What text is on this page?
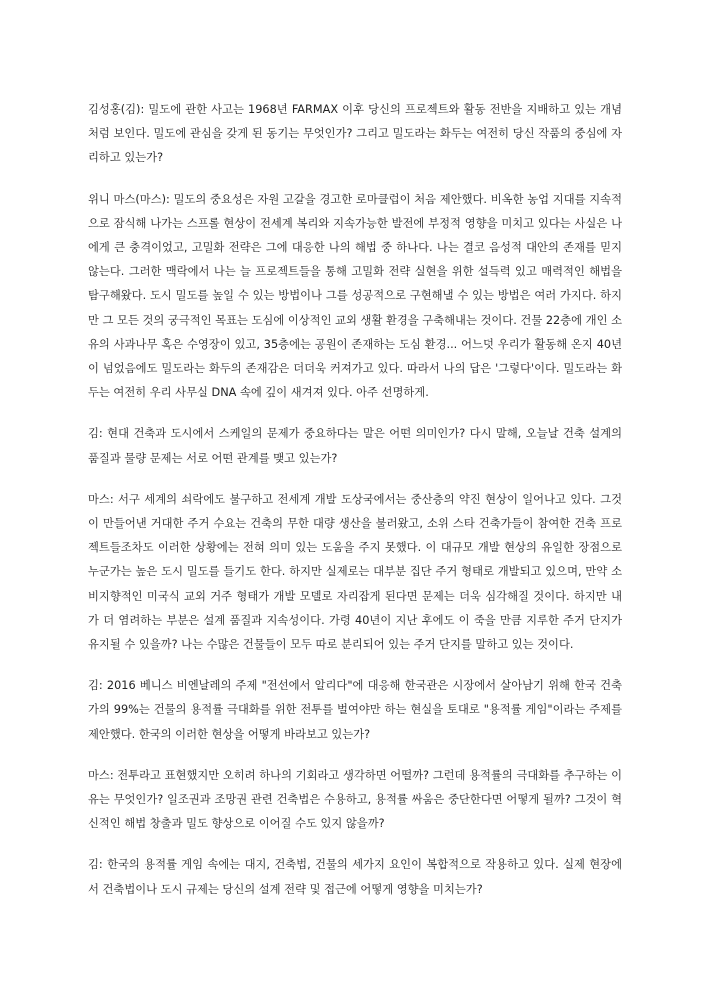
김성홍(김): 밀도에 관한 사고는 1968년 FARMAX 이후 당신의 프로젝트와 활동 전반을 지배하고 있는 개념처럼 보인다. 밀도에 관심을 갖게 된 동기는 무엇인가? 그리고 밀도라는 화두는 여전히 당신 작품의 중심에 자리하고 있는가?

위니 마스(마스): 밀도의 중요성은 자원 고갈을 경고한 로마클럽이 처음 제안했다. 비옥한 농업 지대를 지속적으로 잠식해 나가는 스프롤 현상이 전세계 복리와 지속가능한 발전에 부정적 영향을 미치고 있다는 사실은 나에게 큰 충격이었고, 고밀화 전략은 그에 대응한 나의 해법 중 하나다. 나는 결코 음성적 대안의 존재를 믿지 않는다. 그러한 맥락에서 나는 늘 프로젝트들을 통해 고밀화 전략 실현을 위한 설득력 있고 매력적인 해법을 탐구해왔다. 도시 밀도를 높일 수 있는 방법이나 그를 성공적으로 구현해낼 수 있는 방법은 여러 가지다. 하지만 그 모든 것의 궁극적인 목표는 도심에 이상적인 교외 생활 환경을 구축해내는 것이다. 건물 22층에 개인 소유의 사과나무 혹은 수영장이 있고, 35층에는 공원이 존재하는 도심 환경... 어느덧 우리가 활동해 온지 40년이 넘었음에도 밀도라는 화두의 존재감은 더더욱 커져가고 있다. 따라서 나의 답은 '그렇다'이다. 밀도라는 화두는 여전히 우리 사무실 DNA 속에 깊이 새겨져 있다. 아주 선명하게.

김: 현대 건축과 도시에서 스케일의 문제가 중요하다는 말은 어떤 의미인가? 다시 말해, 오늘날 건축 설계의 품질과 물량 문제는 서로 어떤 관계를 맺고 있는가?

마스: 서구 세계의 쇠락에도 불구하고 전세계 개발 도상국에서는 중산층의 약진 현상이 일어나고 있다. 그것이 만들어낸 거대한 주거 수요는 건축의 무한 대량 생산을 불러왔고, 소위 스타 건축가들이 참여한 건축 프로젝트들조차도 이러한 상황에는 전혀 의미 있는 도움을 주지 못했다. 이 대규모 개발 현상의 유일한 장점으로 누군가는 높은 도시 밀도를 들기도 한다. 하지만 실제로는 대부분 집단 주거 형태로 개발되고 있으며, 만약 소비지향적인 미국식 교외 거주 형태가 개발 모델로 자리잡게 된다면 문제는 더욱 심각해질 것이다. 하지만 내가 더 염려하는 부분은 설계 품질과 지속성이다. 가령 40년이 지난 후에도 이 죽을 만큼 지루한 주거 단지가 유지될 수 있을까? 나는 수많은 건물들이 모두 따로 분리되어 있는 주거 단지를 말하고 있는 것이다.

김: 2016 베니스 비엔날레의 주제 "전선에서 알리다"에 대응해 한국관은 시장에서 살아남기 위해 한국 건축가의 99%는 건물의 용적률 극대화를 위한 전투를 벌여야만 하는 현실을 토대로 "용적률 게임"이라는 주제를 제안했다. 한국의 이러한 현상을 어떻게 바라보고 있는가?

마스: 전투라고 표현했지만 오히려 하나의 기회라고 생각하면 어떨까? 그런데 용적률의 극대화를 추구하는 이유는 무엇인가? 일조권과 조망권 관련 건축법은 수용하고, 용적률 싸움은 중단한다면 어떻게 될까? 그것이 혁신적인 해법 창출과 밀도 향상으로 이어질 수도 있지 않을까?

김: 한국의 용적률 게임 속에는 대지, 건축법, 건물의 세가지 요인이 복합적으로 작용하고 있다. 실제 현장에서 건축법이나 도시 규제는 당신의 설계 전략 및 접근에 어떻게 영향을 미치는가?
